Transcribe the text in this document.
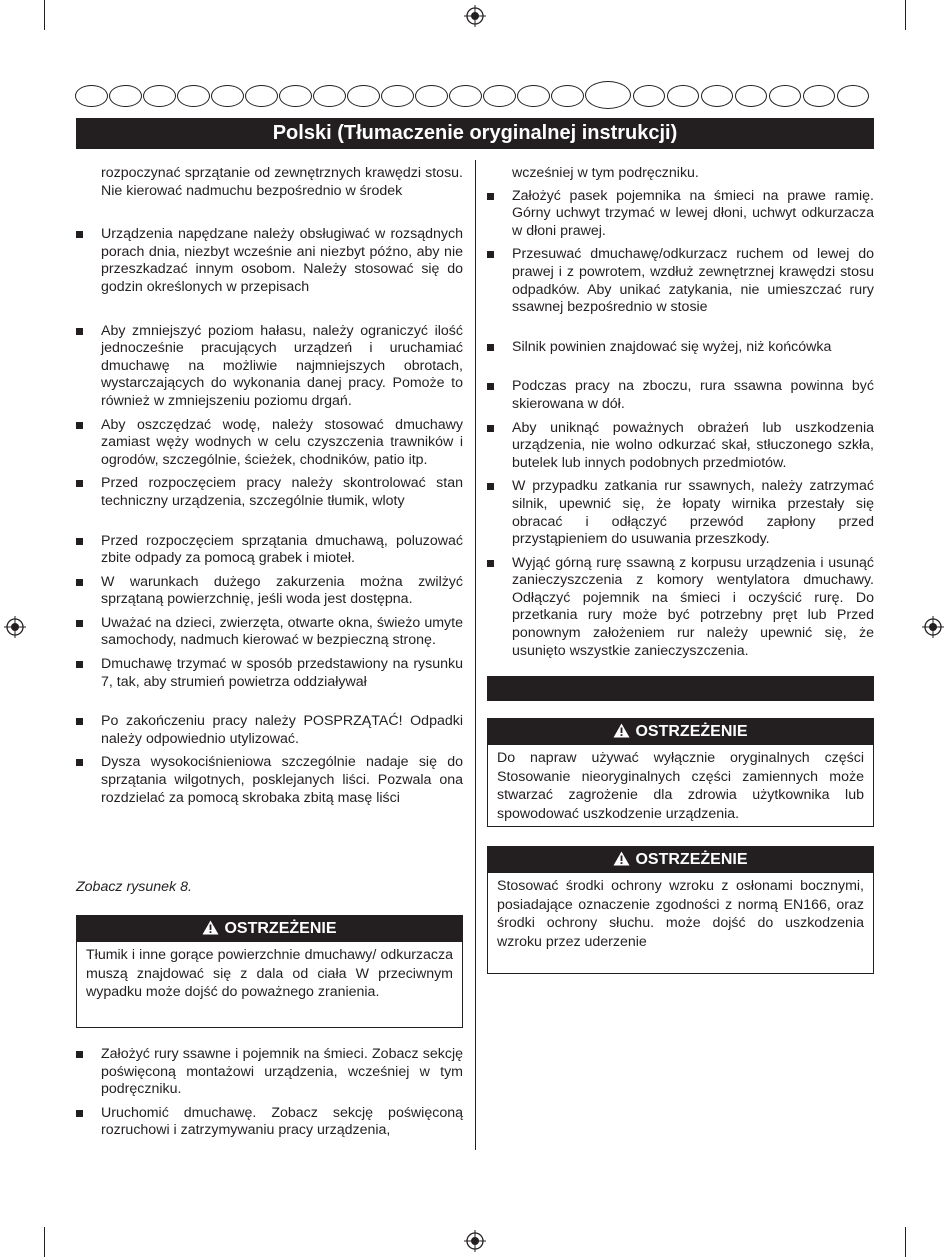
Polski (Tłumaczenie oryginalnej instrukcji)
rozpoczynać sprzątanie od zewnętrznych krawędzi stosu. Nie kierować nadmuchu bezpośrednio w środek
Urządzenia napędzane należy obsługiwać w rozsądnych porach dnia, niezbyt wcześnie ani niezbyt późno, aby nie przeszkadzać innym osobom. Należy stosować się do godzin określonych w przepisach
Aby zmniejszyć poziom hałasu, należy ograniczyć ilość jednocześnie pracujących urządzeń i uruchamiać dmuchawę na możliwie najmniejszych obrotach, wystarczających do wykonania danej pracy. Pomoże to również w zmniejszeniu poziomu drgań.
Aby oszczędzać wodę, należy stosować dmuchawy zamiast węży wodnych w celu czyszczenia trawników i ogrodów, szczególnie, ścieżek, chodników, patio itp.
Przed rozpoczęciem pracy należy skontrolować stan techniczny urządzenia, szczególnie tłumik, wloty
Przed rozpoczęciem sprzątania dmuchawą, poluzować zbite odpady za pomocą grabek i mioteł.
W warunkach dużego zakurzenia można zwilżyć sprzątaną powierzchnię, jeśli woda jest dostępna.
Uważać na dzieci, zwierzęta, otwarte okna, świeżo umyte samochody, nadmuch kierować w bezpieczną stronę.
Dmuchawę trzymać w sposób przedstawiony na rysunku 7, tak, aby strumień powietrza oddziaływał
Po zakończeniu pracy należy POSPRZĄTAĆ! Odpadki należy odpowiednio utylizować.
Dysza wysokociśnieniowa szczególnie nadaje się do sprzątania wilgotnych, posklejanych liści. Pozwala ona rozdzielać za pomocą skrobaka zbitą masę liści
Zobacz rysunek 8.
OSTRZEŻENIE
Tłumik i inne gorące powierzchnie dmuchawy/ odkurzacza muszą znajdować się z dala od ciała W przeciwnym wypadku może dojść do poważnego zranienia.
Założyć rury ssawne i pojemnik na śmieci. Zobacz sekcję poświęconą montażowi urządzenia, wcześniej w tym podręczniku.
Uruchomić dmuchawę. Zobacz sekcję poświęconą rozruchowi i zatrzymywaniu pracy urządzenia,
wcześniej w tym podręczniku.
Założyć pasek pojemnika na śmieci na prawe ramię. Górny uchwyt trzymać w lewej dłoni, uchwyt odkurzacza w dłoni prawej.
Przesuwać dmuchawę/odkurzacz ruchem od lewej do prawej i z powrotem, wzdłuż zewnętrznej krawędzi stosu odpadków. Aby unikać zatykania, nie umieszczać rury ssawnej bezpośrednio w stosie
Silnik powinien znajdować się wyżej, niż końcówka
Podczas pracy na zboczu, rura ssawna powinna być skierowana w dół.
Aby uniknąć poważnych obrażeń lub uszkodzenia urządzenia, nie wolno odkurzać skał, stłuczonego szkła, butelek lub innych podobnych przedmiotów.
W przypadku zatkania rur ssawnych, należy zatrzymać silnik, upewnić się, że łopaty wirnika przestały się obracać i odłączyć przewód zapłony przed przystąpieniem do usuwania przeszkody.
Wyjąć górną rurę ssawną z korpusu urządzenia i usunąć zanieczyszczenia z komory wentylatora dmuchawy. Odłączyć pojemnik na śmieci i oczyścić rurę. Do przetkania rury może być potrzebny pręt lub Przed ponownym założeniem rur należy upewnić się, że usunięto wszystkie zanieczyszczenia.
OSTRZEŻENIE
Do napraw używać wyłącznie oryginalnych części Stosowanie nieoryginalnych części zamiennych może stwarzać zagrożenie dla zdrowia użytkownika lub spowodować uszkodzenie urządzenia.
OSTRZEŻENIE
Stosować środki ochrony wzroku z osłonami bocznymi, posiadające oznaczenie zgodności z normą EN166, oraz środki ochrony słuchu. może dojść do uszkodzenia wzroku przez uderzenie
